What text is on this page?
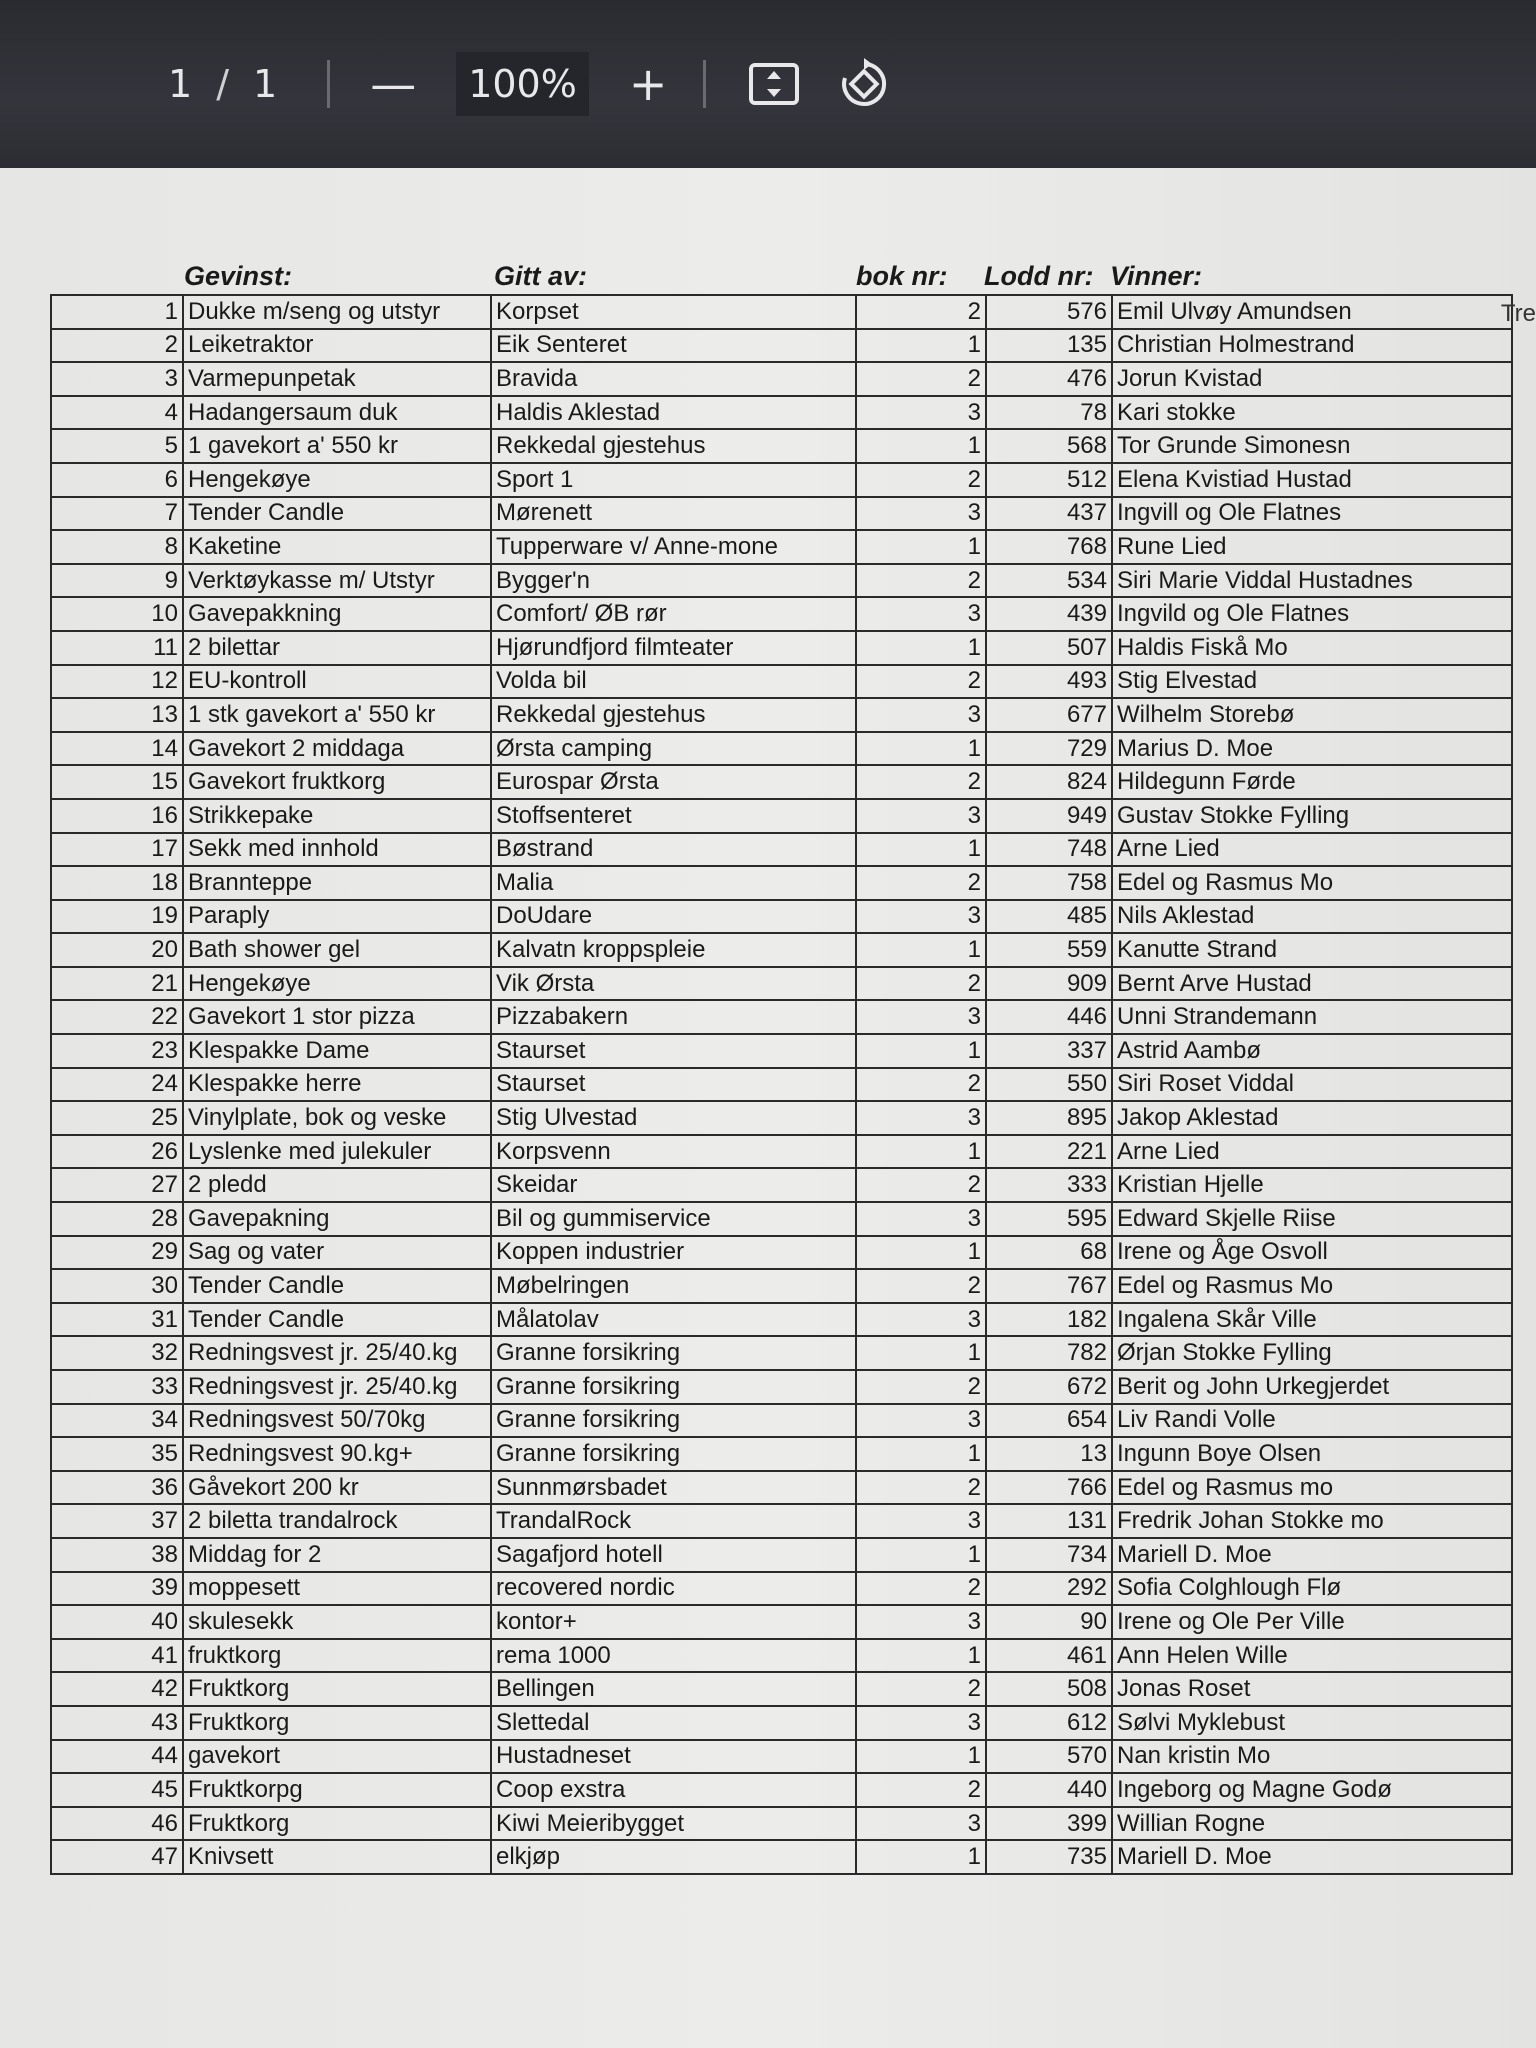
1 / 1 —	100% +
Gevinst:	Gitt av:	bok nr: Lodd nr: Vinner:
1	Dukke m/seng og utstyr	Korpset	2	576	Emil Ulvøy Amundsen
2	Leiketraktor	Eik Senteret	1	135	Christian Holmestrand
3	Varmepunpetak	Bravida	2	476	Jorun Kvistad
4	Hadangersaum duk	Haldis Aklestad	3	78	Kari stokke
5	1 gavekort a' 550 kr	Rekkedal gjestehus	1	568	Tor Grunde Simonesn
6	Hengekøye	Sport 1	2	512	Elena Kvistiad Hustad
7	Tender Candle	Mørenett	3	437	Ingvill og Ole Flatnes
8	Kaketine	Tupperware v/ Anne-mone	1	768	Rune Lied
9	Verktøykasse m/ Utstyr	Bygger'n	2	534	Siri Marie Viddal Hustadnes
10	Gavepakkning	Comfort/ ØB rør	3	439	Ingvild og Ole Flatnes
11	2 bilettar	Hjørundfjord filmteater	1	507	Haldis Fiskå Mo
12	EU-kontroll	Volda bil	2	493	Stig Elvestad
13	1 stk gavekort a' 550 kr	Rekkedal gjestehus	3	677	Wilhelm Storebø
14	Gavekort 2 middaga	Ørsta camping	1	729	Marius D. Moe
15	Gavekort fruktkorg	Eurospar Ørsta	2	824	Hildegunn Førde
16	Strikkepake	Stoffsenteret	3	949	Gustav Stokke Fylling
17	Sekk med innhold	Bøstrand	1	748	Arne Lied
18	Brannteppe	Malia	2	758	Edel og Rasmus Mo
19	Paraply	DoUdare	3	485	Nils Aklestad
20	Bath shower gel	Kalvatn kroppspleie	1	559	Kanutte Strand
21	Hengekøye	Vik Ørsta	2	909	Bernt Arve Hustad
22	Gavekort 1 stor pizza	Pizzabakern	3	446	Unni Strandemann
23	Klespakke Dame	Staurset	1	337	Astrid Aambø
24	Klespakke herre	Staurset	2	550	Siri Roset Viddal
25	Vinylplate, bok og veske	Stig Ulvestad	3	895	Jakop Aklestad
26	Lyslenke med julekuler	Korpsvenn	1	221	Arne Lied
27	2 pledd	Skeidar	2	333	Kristian Hjelle
28	Gavepakning	Bil og gummiservice	3	595	Edward Skjelle Riise
29	Sag og vater	Koppen industrier	1	68	Irene og Åge Osvoll
30	Tender Candle	Møbelringen	2	767	Edel og Rasmus Mo
31	Tender Candle	Målatolav	3	182	Ingalena Skår Ville
32	Redningsvest jr. 25/40.kg	Granne forsikring	1	782	Ørjan Stokke Fylling
33	Redningsvest jr. 25/40.kg	Granne forsikring	2	672	Berit og John Urkegjerdet
34	Redningsvest 50/70kg	Granne forsikring	3	654	Liv Randi Volle
35	Redningsvest 90.kg+	Granne forsikring	1	13	Ingunn Boye Olsen
36	Gåvekort 200 kr	Sunnmørsbadet	2	766	Edel og Rasmus mo
37	2 biletta trandalrock	TrandalRock	3	131	Fredrik Johan Stokke mo
38	Middag for 2	Sagafjord hotell	1	734	Mariell D. Moe
39	moppesett	recovered nordic	2	292	Sofia Colghlough Flø
40	skulesekk	kontor+	3	90	Irene og Ole Per Ville
41	fruktkorg	rema 1000	1	461	Ann Helen Wille
42	Fruktkorg	Bellingen	2	508	Jonas Roset
43	Fruktkorg	Slettedal	3	612	Sølvi Myklebust
44	gavekort	Hustadneset	1	570	Nan kristin Mo
45	Fruktkorpg	Coop exstra	2	440	Ingeborg og Magne Godø
46	Fruktkorg	Kiwi Meieribygget	3	399	Willian Rogne
47	Knivsett	elkjøp	1	735	Mariell D. Moe
Tre
